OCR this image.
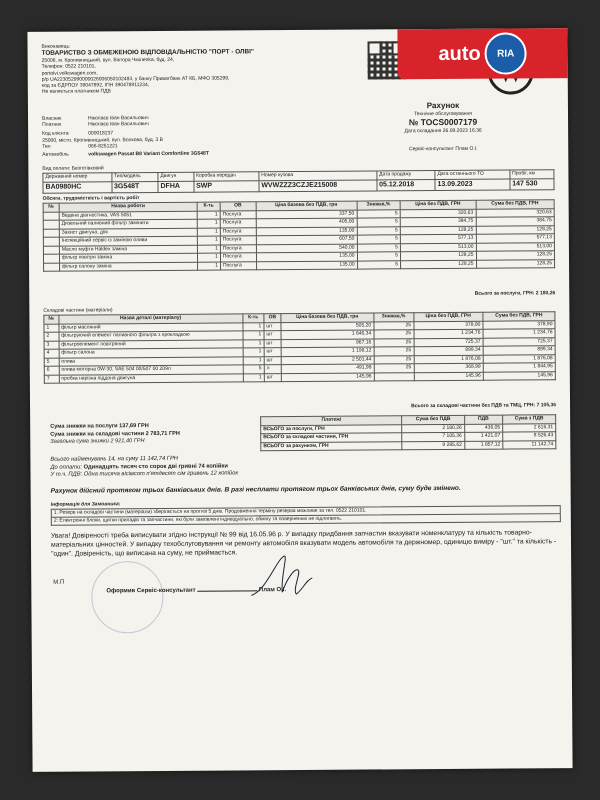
Виконавець:
ТОВАРИСТВО З ОБМЕЖЕНОЮ ВІДПОВІДАЛЬНІСТЮ "ПОРТ - ОЛВІ"
25006, м. Кропивницький, вул. Віктора Чмілenka, буд. 24,
Телефон: 0522 210101,
portolvi.volkswagen.com,
р/р UA223052990000026006050102483, у банку Приватбанк АТ КБ, МФО 305299,
код за ЄДРПОУ 39047892, ІПН 390478911234,
Не являється платником ПДВ
auto	RIA
Власник	Ніколаєв Іван Васильович
Платник	Ніколаєв Іван Васильович
Код клієнта	000018237
25000, місто. Кропивницький, вул. Волкова, буд. 3 В
Тел	066-8251221
Автомобіль	volkswagen Passat B8 Variant Comfortline 3G548T
Рахунок
Технічне обслуговування
№ TOCS0007179
Дата складання 26.09.2023 16:36
Сервіс-консультант Плам О.І.
Вид оплати: Безготівковий
Державний номер	Тип/модель	Двигун	Коробка передач	Номер кузова	Дата продажу	Дата останнього ТО	Пробіг, км
BA0980HC	3G548T	DFHA	SWP	WVWZZZ3CZJE215008	05.12.2018	13.09.2023	147 530
Обсяги, трудомісткість і вартість робіт
№	Назва роботи	К-ть	ОВ	Ціна базова без ПДВ, грн	Знижка,%	Ціна без ПДВ, ГРН	Сума без ПДВ, ГРН
	Ведена діагностика, VAS 5051	1	Послуга	337,50	5	320,63	320,63
	Дизельний паливний фільтр замінити	1	Послуга	405,00	5	384,75	384,75
	Захист двигуна, д/м	1	Послуга	135,00	5	128,25	128,25
	Інспекційний сервіс із заміною оливи	1	Послуга	607,50	5	577,13	577,13
	Масло муфти Haldex заміна	1	Послуга	540,00	5	513,00	513,00
	фільтр повітря заміна	1	Послуга	135,00	5	128,25	128,25
	фільтр салону заміна	1	Послуга	135,00	5	128,25	128,25
Всього за послуги, ГРН: 2 180,26
Складові частини (матеріали)
№	Назва деталі (матеріалу)	К-ть	ОВ	Ціна базова без ПДВ, грн	Знижка,%	Ціна без ПДВ, ГРН	Сума без ПДВ, ГРН
1	фільтр масляний	1	шт	505,20	25	378,90	378,90
2	фільтруючий елемент паливного фільтра з прокладкою	1	шт	1 646,34	25	1 234,76	1 234,76
3	фільтроелемент повітряний	1	шт	967,16	25	725,37	725,37
4	фільтр салона	1	шт	1 199,12	25	899,34	899,34
5	олива	1	шт	2 501,44	25	1 876,08	1 876,08
6	олива моторна 0W-30, SAE 504 00/507 00 209л	5	л	491,98	25	368,99	1 844,95
7	пробка нарізна піддона двигуна	1	шт	145,96		145,96	145,96
Всього за складові частини без ПДВ та ТМЦ, ГРН: 7 105,36
Сума знижки на послуги 137,69 ГРН
Сума знижки на складові частини 2 783,71 ГРН
Загальна сума знижки 2 921,40 ГРН
Платежі	Сума без ПДВ	ПДВ	Сума з ПДВ
ВСЬОГО за послуги, ГРН	2 180,26	436,05	2 616,31
ВСЬОГО за складові частини, ГРН	7 105,36	1 421,07	8 526,43
ВСЬОГО за рахунком, ГРН	9 285,62	1 857,12	11 142,74
Всього найменувань 14, на суму 11 142,74 ГРН
До оплати: Одинадцять тисяч сто сорок дві гривні 74 копійки
У т.ч. ПДВ: Одна тисяча вісімсот п'ятдесят сім гривень 12 копійок
Рахунок дійсний протягом трьох банківських днів. В разі несплати протягом трьох банківських днів, суму буде змінено.
Інформація для Замовника:
1. Резерв на складові частини (матеріали) зберігається на протязі 5 днів. Продовження терміну резерва можливе за тел. 0522 210101.
2: Електронні блоки, щитки приладів та запчастини, які були замовлені індивідуально, обміну та поверненню не підлягають.
Увага! Довіреності треба виписувати згідно інструкції № 99 від 16.05.96 р. У випадку придбання запчастин вказувати номенклатуру та кількість товарно-матеріальних цінностей. У випадку техобслуговування чи ремонту автомобіля вказувати модель автомобіля та держномер, одиницю виміру - "шт." та кількість - "один". Довіреність, що виписана на суму, не приймається.
М.П
Оформив Сервіс-консультант	Плам О.І.
